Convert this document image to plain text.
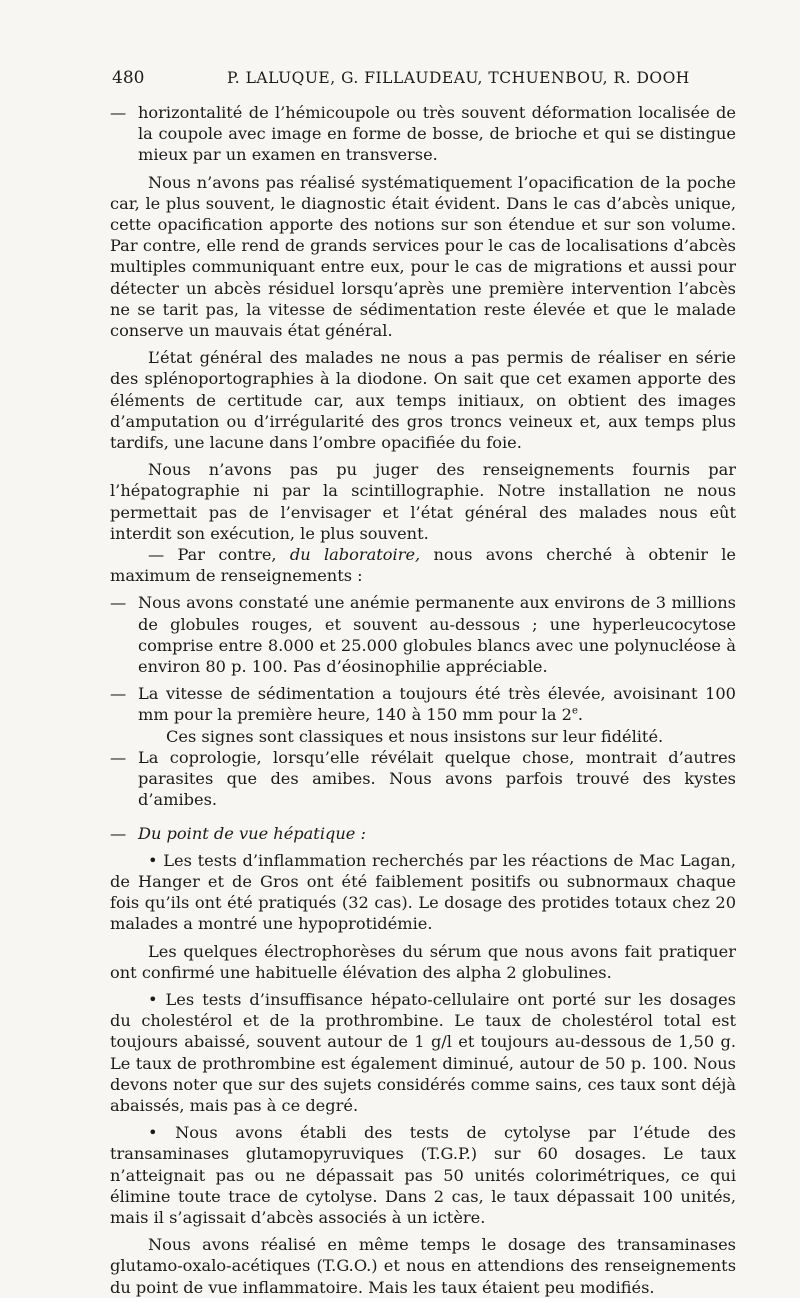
480	P. LALUQUE, G. FILLAUDEAU, TCHUENBOU, R. DOOH

— horizontalité de l’hémicoupole ou très souvent déformation localisée de la coupole avec image en forme de bosse, de brioche et qui se distingue mieux par un examen en transverse.

Nous n’avons pas réalisé systématiquement l’opacification de la poche car, le plus souvent, le diagnostic était évident. Dans le cas d’abcès unique, cette opacification apporte des notions sur son étendue et sur son volume. Par contre, elle rend de grands services pour le cas de localisations d’abcès multiples communiquant entre eux, pour le cas de migrations et aussi pour détecter un abcès résiduel lorsqu’après une première intervention l’abcès ne se tarit pas, la vitesse de sédimentation reste élevée et que le malade conserve un mauvais état général.

L’état général des malades ne nous a pas permis de réaliser en série des splénoportographies à la diodone. On sait que cet examen apporte des éléments de certitude car, aux temps initiaux, on obtient des images d’amputation ou d’irrégularité des gros troncs veineux et, aux temps plus tardifs, une lacune dans l’ombre opacifiée du foie.

Nous n’avons pas pu juger des renseignements fournis par l’hépatographie ni par la scintillographie. Notre installation ne nous permettait pas de l’envisager et l’état général des malades nous eût interdit son exécution, le plus souvent.

— Par contre, du laboratoire, nous avons cherché à obtenir le maximum de renseignements :

— Nous avons constaté une anémie permanente aux environs de 3 millions de globules rouges, et souvent au-dessous ; une hyperleucocytose comprise entre 8.000 et 25.000 globules blancs avec une polynucléose à environ 80 p. 100. Pas d’éosinophilie appréciable.

— La vitesse de sédimentation a toujours été très élevée, avoisinant 100 mm pour la première heure, 140 à 150 mm pour la 2e.

Ces signes sont classiques et nous insistons sur leur fidélité.

— La coprologie, lorsqu’elle révélait quelque chose, montrait d’autres parasites que des amibes. Nous avons parfois trouvé des kystes d’amibes.

— Du point de vue hépatique :

• Les tests d’inflammation recherchés par les réactions de Mac Lagan, de Hanger et de Gros ont été faiblement positifs ou subnormaux chaque fois qu’ils ont été pratiqués (32 cas). Le dosage des protides totaux chez 20 malades a montré une hypoprotidémie.

Les quelques électrophorèses du sérum que nous avons fait pratiquer ont confirmé une habituelle élévation des alpha 2 globulines.

• Les tests d’insuffisance hépato-cellulaire ont porté sur les dosages du cholestérol et de la prothrombine. Le taux de cholestérol total est toujours abaissé, souvent autour de 1 g/l et toujours au-dessous de 1,50 g. Le taux de prothrombine est également diminué, autour de 50 p. 100. Nous devons noter que sur des sujets considérés comme sains, ces taux sont déjà abaissés, mais pas à ce degré.

• Nous avons établi des tests de cytolyse par l’étude des transaminases glutamopyruviques (T.G.P.) sur 60 dosages. Le taux n’atteignait pas ou ne dépassait pas 50 unités colorimétriques, ce qui élimine toute trace de cytolyse. Dans 2 cas, le taux dépassait 100 unités, mais il s’agissait d’abcès associés à un ictère.

Nous avons réalisé en même temps le dosage des transaminases glutamo-oxalo-acétiques (T.G.O.) et nous en attendions des renseignements du point de vue inflammatoire. Mais les taux étaient peu modifiés.
